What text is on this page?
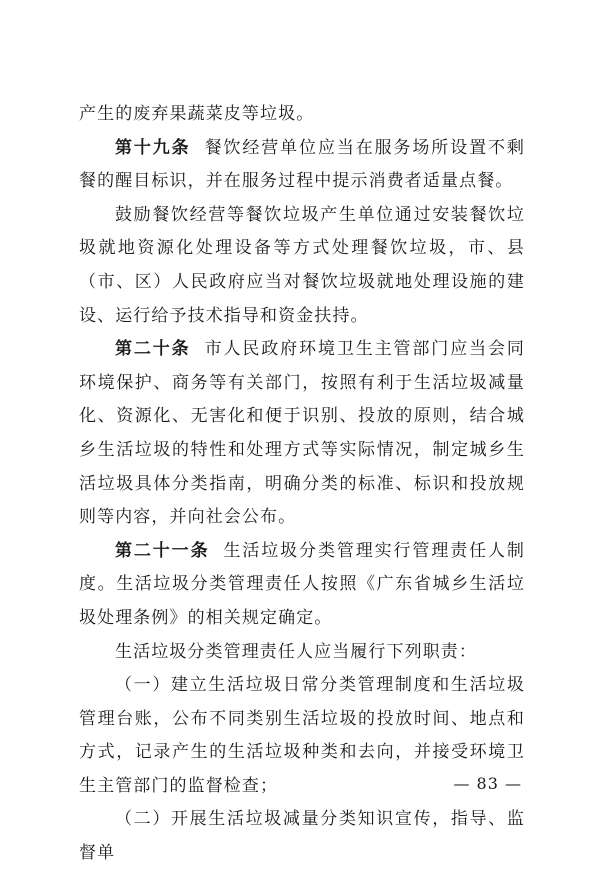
产生的废弃果蔬菜皮等垃圾。

第十九条 餐饮经营单位应当在服务场所设置不剩餐的醒目标识，并在服务过程中提示消费者适量点餐。

鼓励餐饮经营等餐饮垃圾产生单位通过安装餐饮垃圾就地资源化处理设备等方式处理餐饮垃圾，市、县（市、区）人民政府应当对餐饮垃圾就地处理设施的建设、运行给予技术指导和资金扶持。

第二十条 市人民政府环境卫生主管部门应当会同环境保护、商务等有关部门，按照有利于生活垃圾减量化、资源化、无害化和便于识别、投放的原则，结合城乡生活垃圾的特性和处理方式等实际情况，制定城乡生活垃圾具体分类指南，明确分类的标准、标识和投放规则等内容，并向社会公布。

第二十一条 生活垃圾分类管理实行管理责任人制度。生活垃圾分类管理责任人按照《广东省城乡生活垃圾处理条例》的相关规定确定。

生活垃圾分类管理责任人应当履行下列职责：

（一）建立生活垃圾日常分类管理制度和生活垃圾管理台账，公布不同类别生活垃圾的投放时间、地点和方式，记录产生的生活垃圾种类和去向，并接受环境卫生主管部门的监督检查；

（二）开展生活垃圾减量分类知识宣传，指导、监督单

— 83 —
